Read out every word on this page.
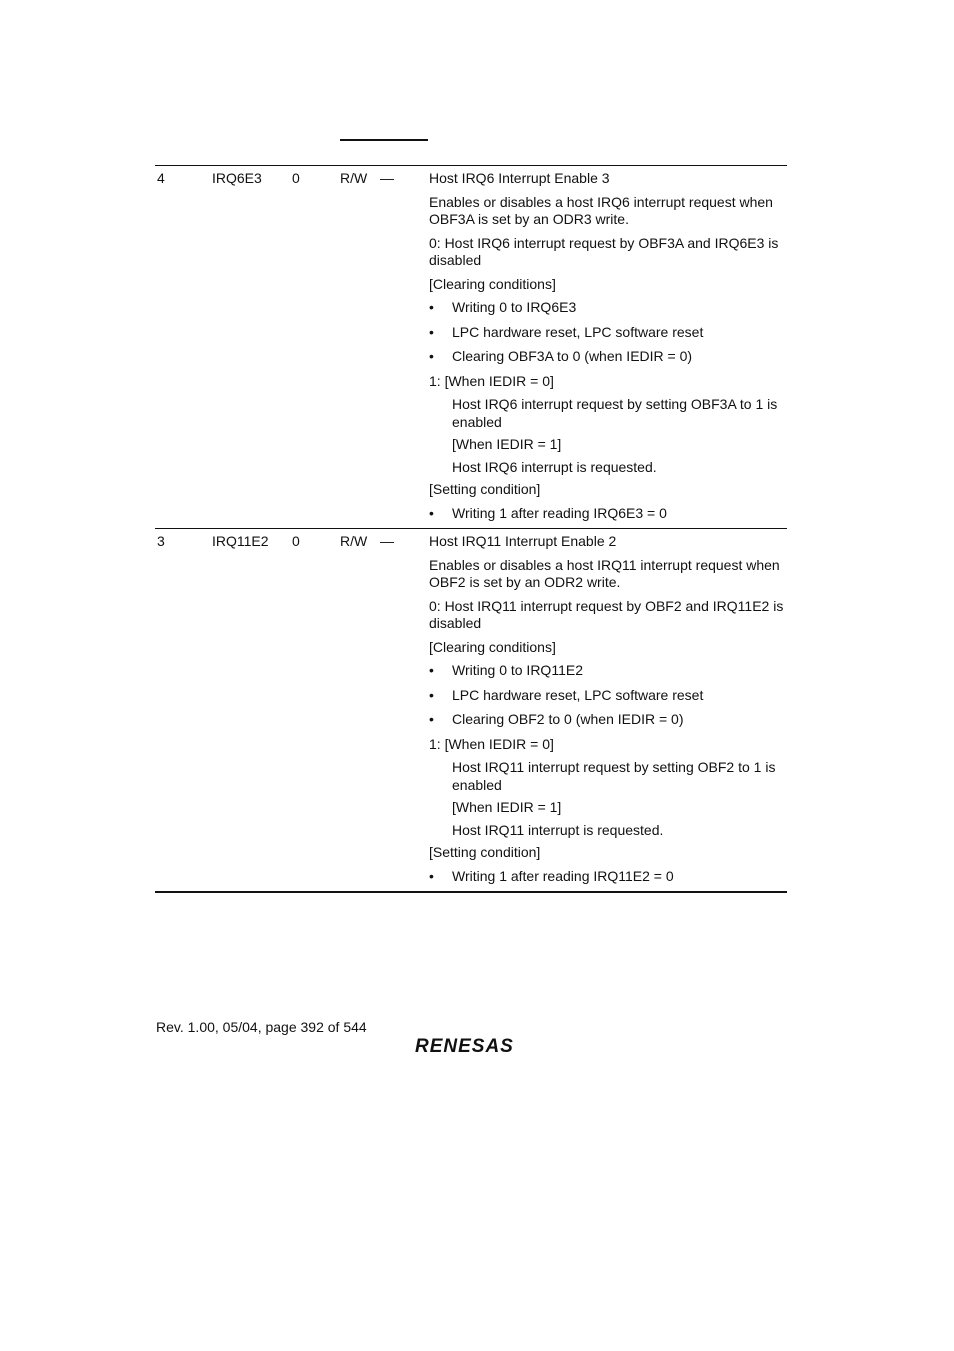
4	IRQ6E3 0	R/W —	Host IRQ6 Interrupt Enable 3

Enables or disables a host IRQ6 interrupt request when OBF3A is set by an ODR3 write.

0: Host IRQ6 interrupt request by OBF3A and IRQ6E3 is disabled

[Clearing conditions]

• Writing 0 to IRQ6E3
• LPC hardware reset, LPC software reset
• Clearing OBF3A to 0 (when IEDIR = 0)

1: [When IEDIR = 0]

Host IRQ6 interrupt request by setting OBF3A to 1 is enabled
[When IEDIR = 1]
Host IRQ6 interrupt is requested.

[Setting condition]

• Writing 1 after reading IRQ6E3 = 0
3	IRQ11E2 0	R/W —	Host IRQ11 Interrupt Enable 2

Enables or disables a host IRQ11 interrupt request when OBF2 is set by an ODR2 write.

0: Host IRQ11 interrupt request by OBF2 and IRQ11E2 is disabled

[Clearing conditions]

• Writing 0 to IRQ11E2
• LPC hardware reset, LPC software reset
• Clearing OBF2 to 0 (when IEDIR = 0)

1: [When IEDIR = 0]

Host IRQ11 interrupt request by setting OBF2 to 1 is enabled
[When IEDIR = 1]
Host IRQ11 interrupt is requested.

[Setting condition]

• Writing 1 after reading IRQ11E2 = 0
Rev. 1.00, 05/04, page 392 of 544
RENESAS
